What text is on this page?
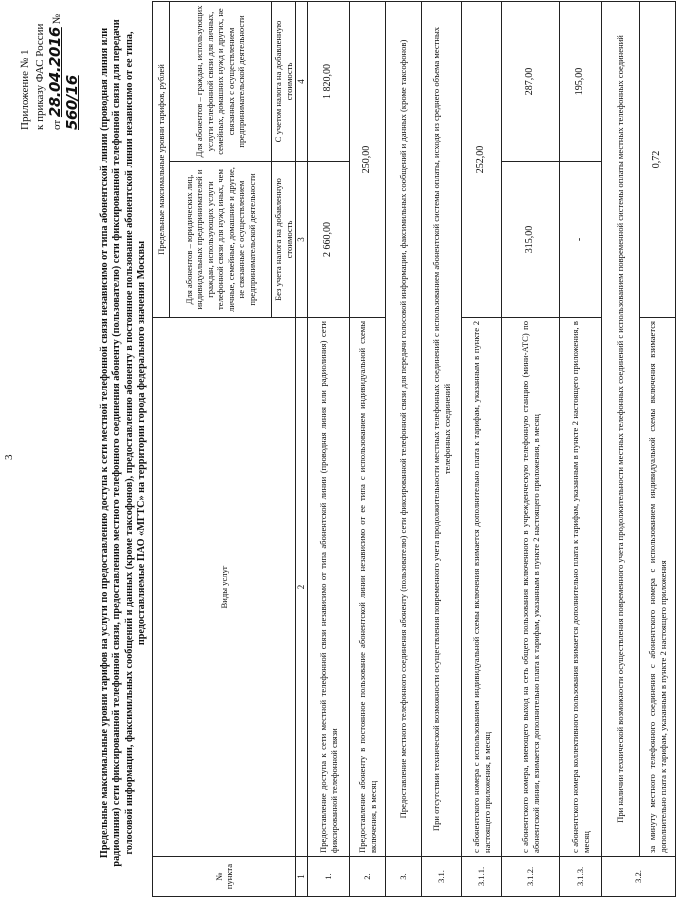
3
Приложение № 1 к приказу ФАС России от 28.04.2016 № 560/16 Предельные максимальные уровни тарифов на услуги по предоставлению доступа к сети местной телефонной связи независимо от типа абонентской линии (проводная линия или радиолиния) сети фиксированной телефонной связи, предоставлению местного телефонного соединения абоненту (пользователю) сети фиксированной телефонной связи для передачи голосовой информации, факсимильных сообщений и данных (кроме таксофонов), предоставлению абоненту в постоянное пользование абонентской линии независимо от ее типа, предоставляемые ПАО «МГТС» на территории города федерального значения Москвы
№ пункта	Виды услуг	Предельные максимальные уровни тарифов, рублей	
		Для абонентов – юридических лиц, индивидуальных предпринимателей и граждан, использующих услуги телефонной связи для нужд иных, чем личные, семейные, домашние и другие, не связанные с осуществлением предпринимательской деятельности	Для абонентов – граждан, использующих услуги телефонной связи для личных, семейных, домашних нужд и других, не связанных с осуществлением предпринимательской деятельности
		Без учета налога на добавленную стоимость	С учетом налога на добавленную стоимость
1	2	3	4
1.	Предоставление доступа к сети местной телефонной связи независимо от типа абонентской линии (проводная линия или радиолиния) сети фиксированной телефонной связи	2 660,00	1 820,00
2.	Предоставление абоненту в постоянное пользование абонентской линии независимо от ее типа с использованием индивидуальной схемы включения, в месяц	250,00	
3.	Предоставление местного телефонного соединения абоненту (пользователю) сети фиксированной телефонной связи для передачи голосовой информации, факсимильных сообщений и данных (кроме таксофонов)		
3.1.	При отсутствии технической возможности осуществления повременного учета продолжительности местных телефонных соединений с использованием абонентской системы оплаты, исходя из среднего объема местных телефонных соединений		
3.1.1.	с абонентского номера с использованием индивидуальной схемы включения взимается дополнительно плата к тарифам, указанным в пункте 2 настоящего приложения, в месяц	252,00	
3.1.2.	с абонентского номера, имеющего выход на сеть общего пользования включенного в учрежденческую телефонную станцию (мини-АТС) по абонентской линии, взимается дополнительно плата к тарифам, указанным в пункте 2 настоящего приложения, в месяц	315,00	287,00
3.1.3.	с абонентского номера коллективного пользования взимается дополнительно плата к тарифам, указанным в пункте 2 настоящего приложения, в месяц	-	195,00
3.2.	При наличии технической возможности осуществления повременного учета продолжительности местных телефонных соединений с использованием повременной системы оплаты местных телефонных соединений		
	за минуту местного телефонного соединения с абонентского номера с использованием индивидуальной схемы включения взимается дополнительно плата к тарифам, указанным в пункте 2 настоящего приложения	0,72	
